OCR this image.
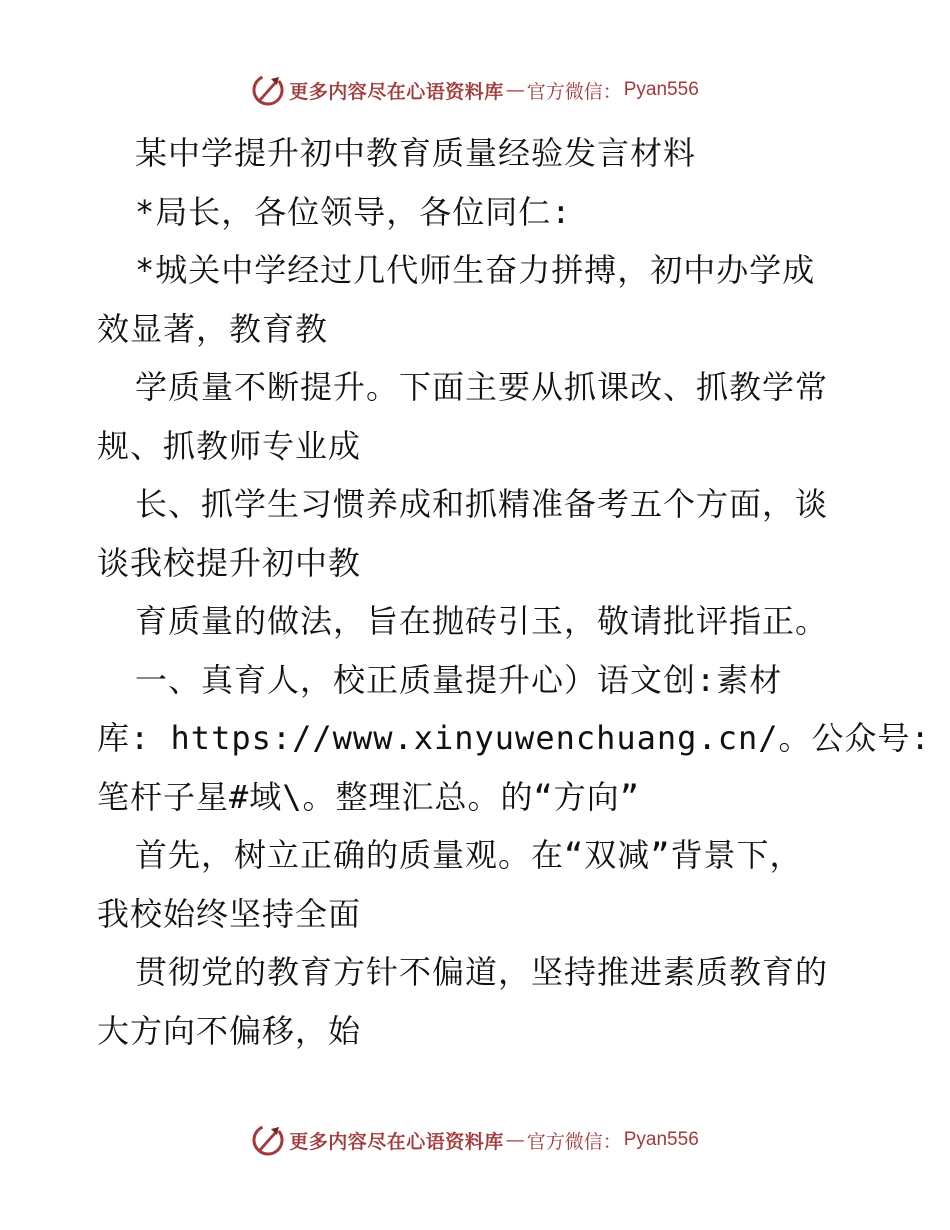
更多内容尽在心语资料库 — 官方微信： Pyan556
某中学提升初中教育质量经验发言材料
*局长，各位领导，各位同仁:
*城关中学经过几代师生奋力拼搏，初中办学成
效显著，教育教
学质量不断提升。下面主要从抓课改、抓教学常
规、抓教师专业成
长、抓学生习惯养成和抓精准备考五个方面，谈
谈我校提升初中教
育质量的做法，旨在抛砖引玉，敬请批评指正。
一、真育人，校正质量提升心）语文创:素材
库: https://www.xinyuwenchuang.cn/。公众号:
笔杆子星#域\。整理汇总。的“方向”
首先，树立正确的质量观。在“双减”背景下，
我校始终坚持全面
贯彻党的教育方针不偏道，坚持推进素质教育的
大方向不偏移，始
更多内容尽在心语资料库 — 官方微信： Pyan556
